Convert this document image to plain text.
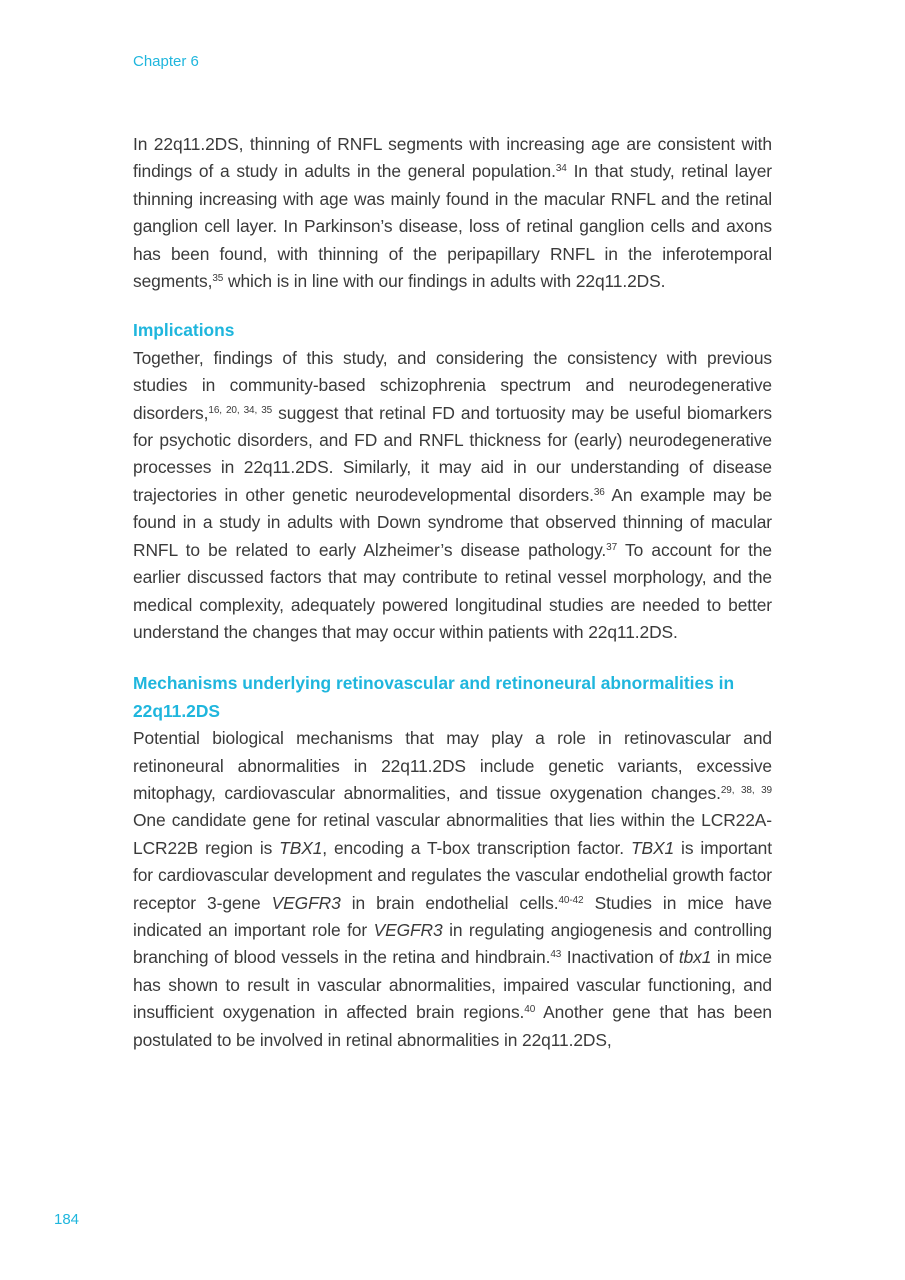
Chapter 6

In 22q11.2DS, thinning of RNFL segments with increasing age are consistent with findings of a study in adults in the general population.$^{34}$ In that study, retinal layer thinning increasing with age was mainly found in the macular RNFL and the retinal ganglion cell layer. In Parkinson’s disease, loss of retinal ganglion cells and axons has been found, with thinning of the peripapillary RNFL in the inferotemporal segments,$^{35}$ which is in line with our findings in adults with 22q11.2DS.

Implications

Together, findings of this study, and considering the consistency with previous studies in community-based schizophrenia spectrum and neurodegenerative disorders,$^{16, 20, 34, 35}$ suggest that retinal FD and tortuosity may be useful biomarkers for psychotic disorders, and FD and RNFL thickness for (early) neurodegenerative processes in 22q11.2DS. Similarly, it may aid in our understanding of disease trajectories in other genetic neurodevelopmental disorders.$^{36}$ An example may be found in a study in adults with Down syndrome that observed thinning of macular RNFL to be related to early Alzheimer’s disease pathology.$^{37}$ To account for the earlier discussed factors that may contribute to retinal vessel morphology, and the medical complexity, adequately powered longitudinal studies are needed to better understand the changes that may occur within patients with 22q11.2DS.

Mechanisms underlying retinovascular and retinoneural abnormalities in 22q11.2DS

Potential biological mechanisms that may play a role in retinovascular and retinoneural abnormalities in 22q11.2DS include genetic variants, excessive mitophagy, cardiovascular abnormalities, and tissue oxygenation changes.$^{29, 38, 39}$ One candidate gene for retinal vascular abnormalities that lies within the LCR22A-LCR22B region is TBX1, encoding a T-box transcription factor. TBX1 is important for cardiovascular development and regulates the vascular endothelial growth factor receptor 3-gene VEGFR3 in brain endothelial cells.$^{40-42}$ Studies in mice have indicated an important role for VEGFR3 in regulating angiogenesis and controlling branching of blood vessels in the retina and hindbrain.$^{43}$ Inactivation of tbx1 in mice has shown to result in vascular abnormalities, impaired vascular functioning, and insufficient oxygenation in affected brain regions.$^{40}$ Another gene that has been postulated to be involved in retinal abnormalities in 22q11.2DS,

184
